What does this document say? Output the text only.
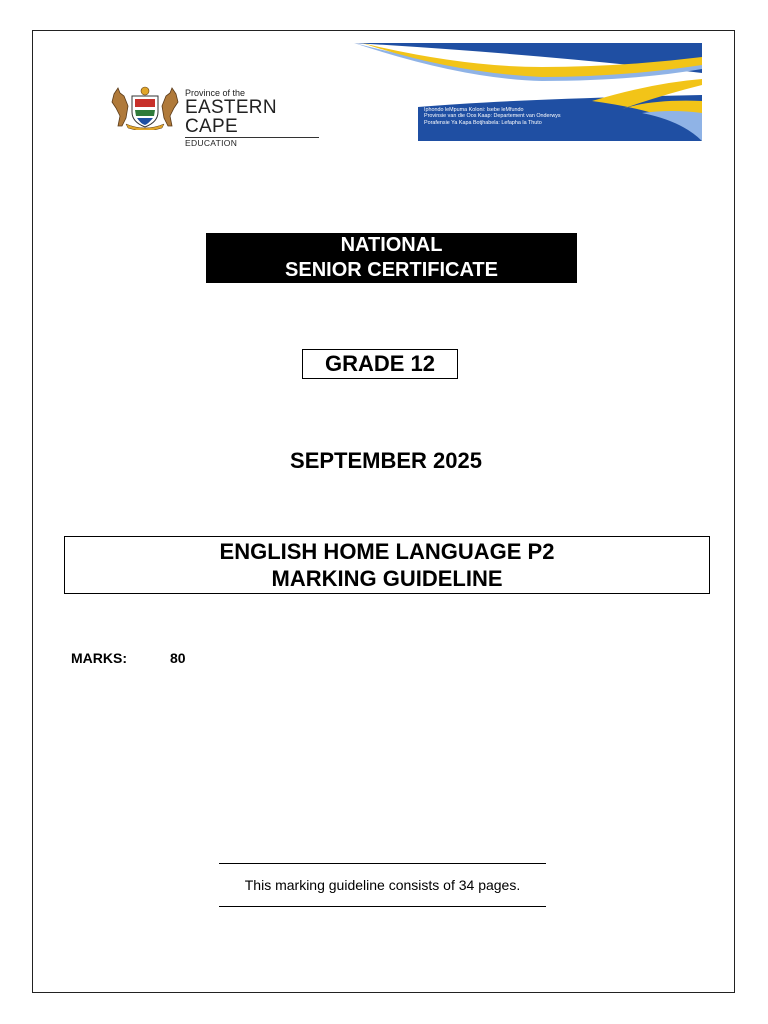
Province of the
EASTERN CAPE
EDUCATION
Iphondo leMpuma Koloni: Isebe leMfundo
Provinsie van die Oos Kaap: Departement van Onderwys
Porafensie Ya Kapa Botjhabela: Lefapha la Thuto
NATIONAL
SENIOR CERTIFICATE
GRADE 12
SEPTEMBER 2025
ENGLISH HOME LANGUAGE P2
MARKING GUIDELINE
MARKS:	80
This marking guideline consists of 34 pages.
